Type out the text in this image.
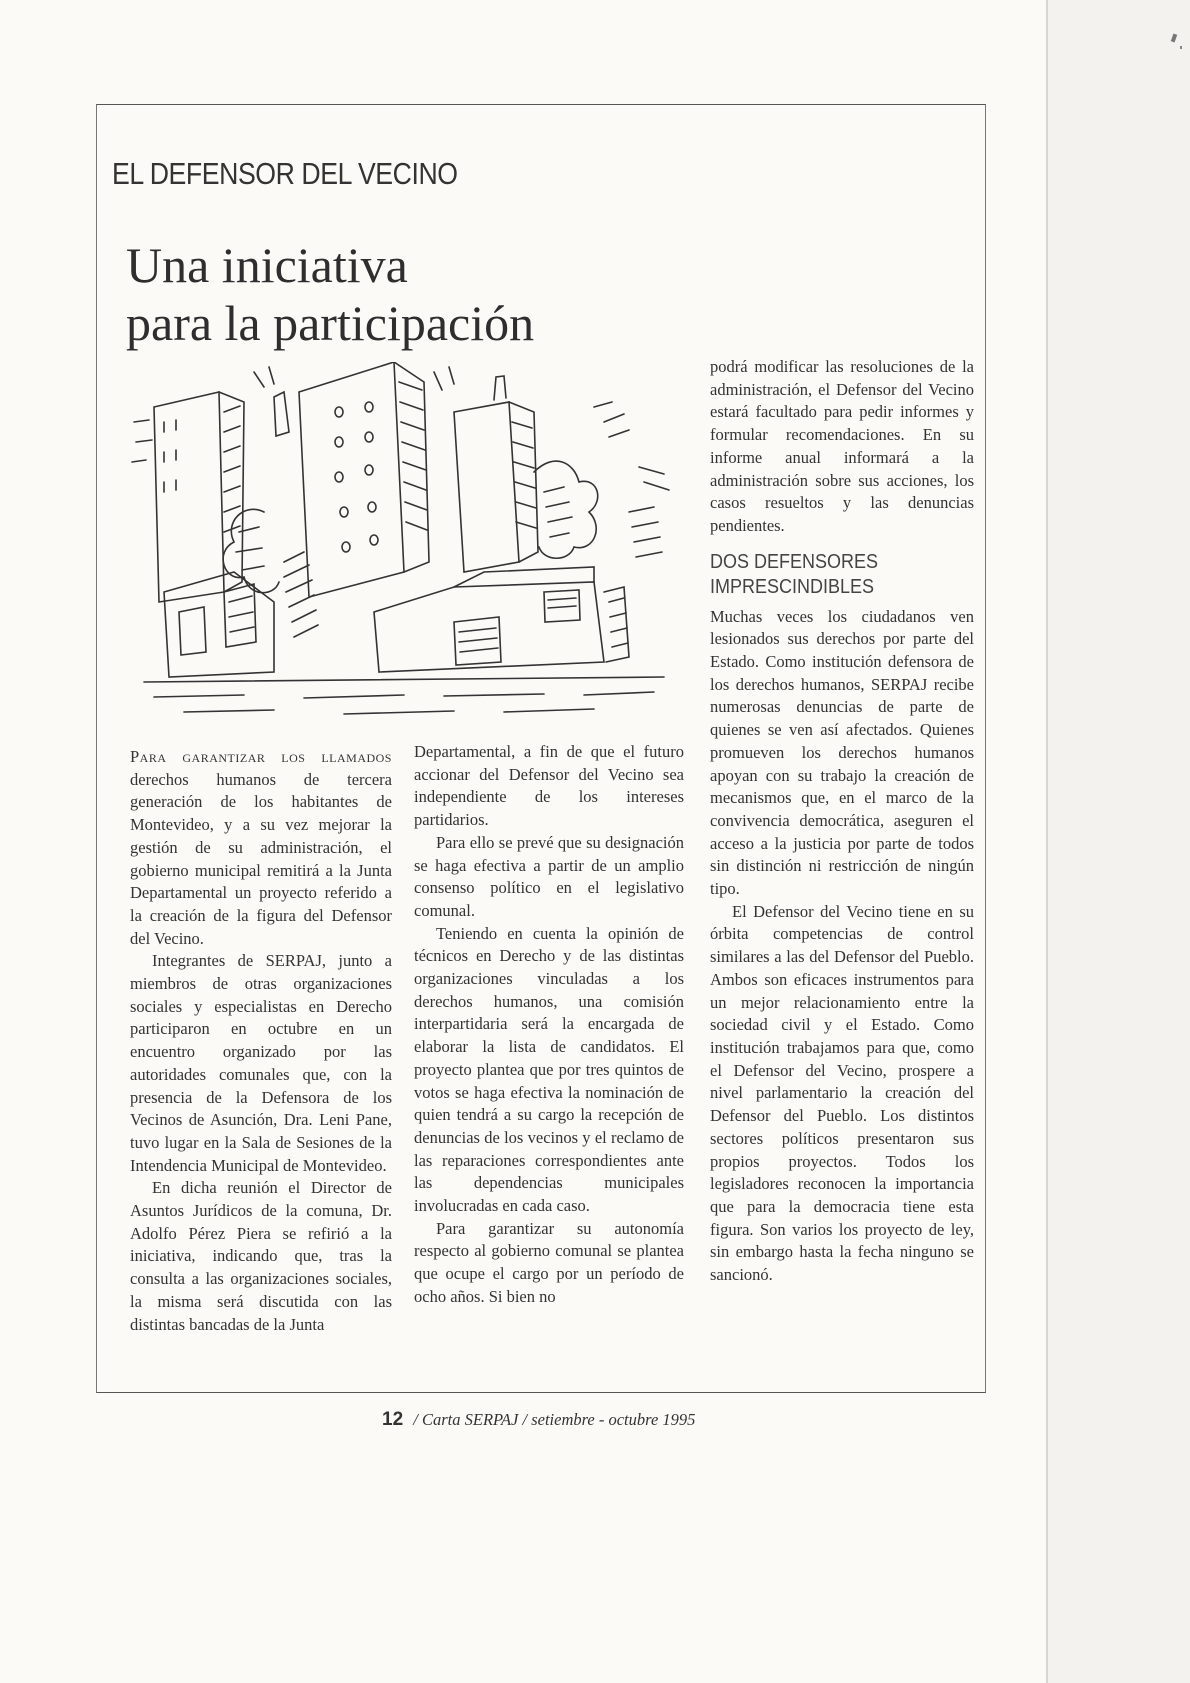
EL DEFENSOR DEL VECINO
Una iniciativa
para la participación

Para garantizar los llamados derechos humanos de tercera generación de los habitantes de Montevideo, y a su vez mejorar la gestión de su administración, el gobierno municipal remitirá a la Junta Departamental un proyecto referido a la creación de la figura del Defensor del Vecino.

Integrantes de SERPAJ, junto a miembros de otras organizaciones sociales y especialistas en Derecho participaron en octubre en un encuentro organizado por las autoridades comunales que, con la presencia de la Defensora de los Vecinos de Asunción, Dra. Leni Pane, tuvo lugar en la Sala de Sesiones de la Intendencia Municipal de Montevideo.

En dicha reunión el Director de Asuntos Jurídicos de la comuna, Dr. Adolfo Pérez Piera se refirió a la iniciativa, indicando que, tras la consulta a las organizaciones sociales, la misma será discutida con las distintas bancadas de la Junta

Departamental, a fin de que el futuro accionar del Defensor del Vecino sea independiente de los intereses partidarios.

Para ello se prevé que su designación se haga efectiva a partir de un amplio consenso político en el legislativo comunal.

Teniendo en cuenta la opinión de técnicos en Derecho y de las distintas organizaciones vinculadas a los derechos humanos, una comisión interpartidaria será la encargada de elaborar la lista de candidatos. El proyecto plantea que por tres quintos de votos se haga efectiva la nominación de quien tendrá a su cargo la recepción de denuncias de los vecinos y el reclamo de las reparaciones correspondientes ante las dependencias municipales involucradas en cada caso.

Para garantizar su autonomía respecto al gobierno comunal se plantea que ocupe el cargo por un período de ocho años. Si bien no

podrá modificar las resoluciones de la administración, el Defensor del Vecino estará facultado para pedir informes y formular recomendaciones. En su informe anual informará a la administración sobre sus acciones, los casos resueltos y las denuncias pendientes.

DOS DEFENSORES
IMPRESCINDIBLES

Muchas veces los ciudadanos ven lesionados sus derechos por parte del Estado. Como institución defensora de los derechos humanos, SERPAJ recibe numerosas denuncias de parte de quienes se ven así afectados. Quienes promueven los derechos humanos apoyan con su trabajo la creación de mecanismos que, en el marco de la convivencia democrática, aseguren el acceso a la justicia por parte de todos sin distinción ni restricción de ningún tipo.

El Defensor del Vecino tiene en su órbita competencias de control similares a las del Defensor del Pueblo. Ambos son eficaces instrumentos para un mejor relacionamiento entre la sociedad civil y el Estado. Como institución trabajamos para que, como el Defensor del Vecino, prospere a nivel parlamentario la creación del Defensor del Pueblo. Los distintos sectores políticos presentaron sus propios proyectos. Todos los legisladores reconocen la importancia que para la democracia tiene esta figura. Son varios los proyecto de ley, sin embargo hasta la fecha ninguno se sancionó.

12 / Carta SERPAJ / setiembre - octubre 1995
